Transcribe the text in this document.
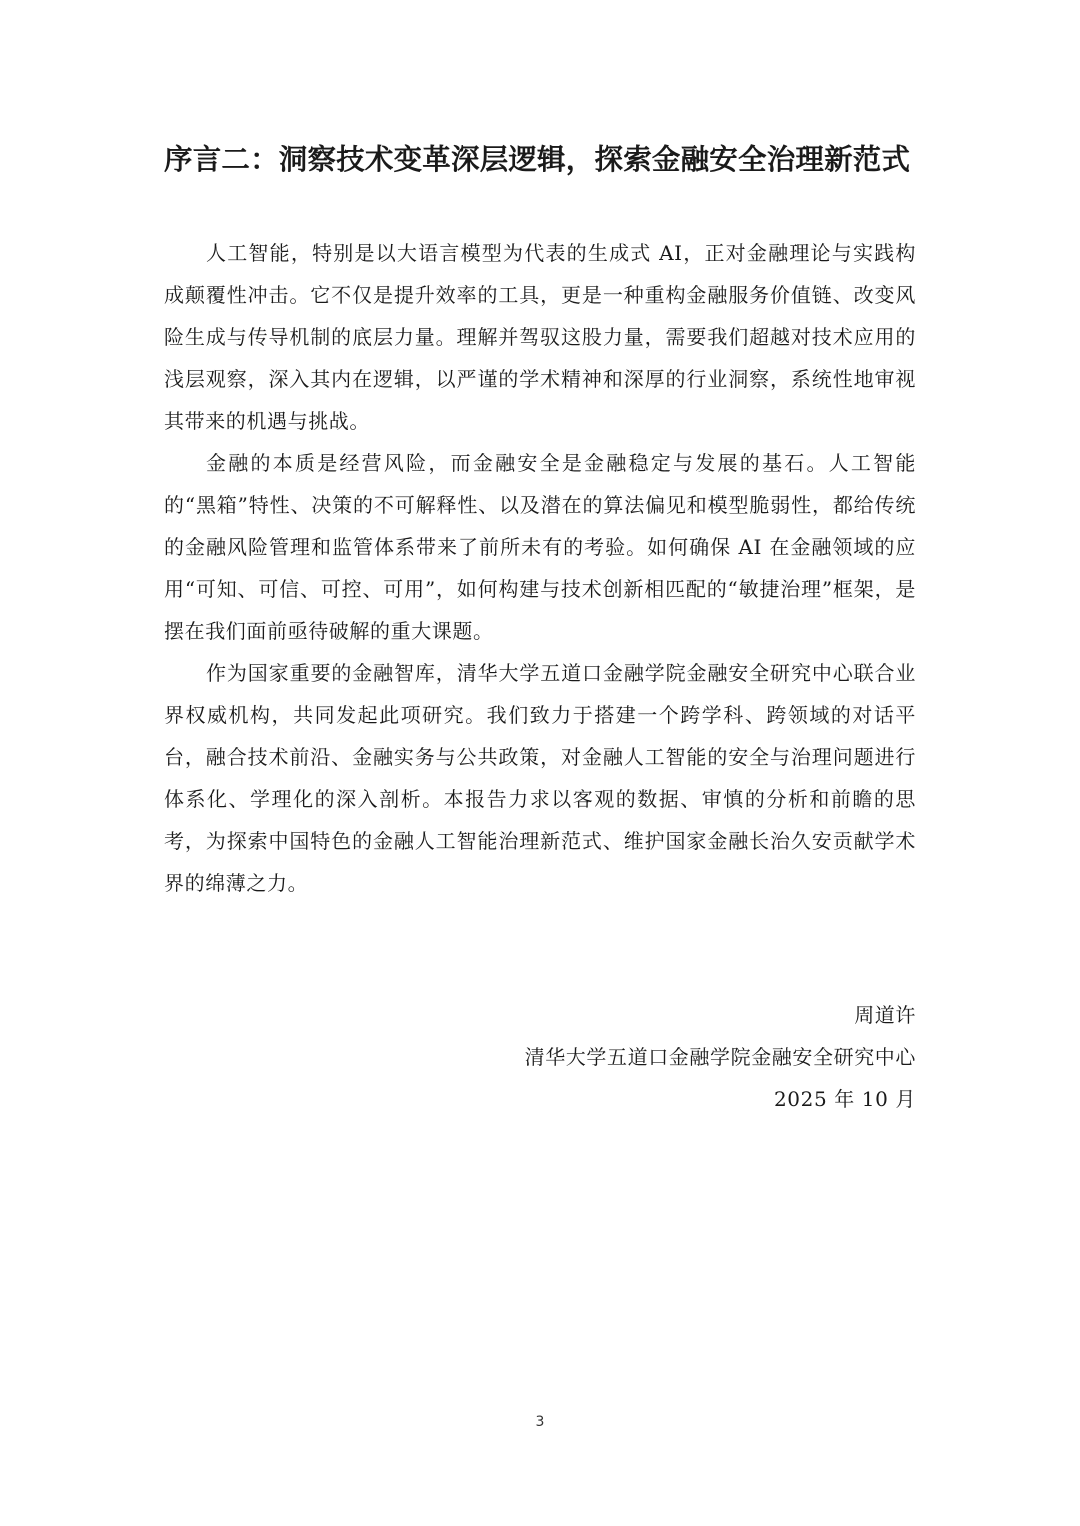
序言二：洞察技术变革深层逻辑，探索金融安全治理新范式

人工智能，特别是以大语言模型为代表的生成式 AI，正对金融理论与实践构成颠覆性冲击。它不仅是提升效率的工具，更是一种重构金融服务价值链、改变风险生成与传导机制的底层力量。理解并驾驭这股力量，需要我们超越对技术应用的浅层观察，深入其内在逻辑，以严谨的学术精神和深厚的行业洞察，系统性地审视其带来的机遇与挑战。

金融的本质是经营风险，而金融安全是金融稳定与发展的基石。人工智能的“黑箱”特性、决策的不可解释性、以及潜在的算法偏见和模型脆弱性，都给传统的金融风险管理和监管体系带来了前所未有的考验。如何确保 AI 在金融领域的应用“可知、可信、可控、可用”，如何构建与技术创新相匹配的“敏捷治理”框架，是摆在我们面前亟待破解的重大课题。

作为国家重要的金融智库，清华大学五道口金融学院金融安全研究中心联合业界权威机构，共同发起此项研究。我们致力于搭建一个跨学科、跨领域的对话平台，融合技术前沿、金融实务与公共政策，对金融人工智能的安全与治理问题进行体系化、学理化的深入剖析。本报告力求以客观的数据、审慎的分析和前瞻的思考，为探索中国特色的金融人工智能治理新范式、维护国家金融长治久安贡献学术界的绵薄之力。

周道许
清华大学五道口金融学院金融安全研究中心
2025 年 10 月
3
